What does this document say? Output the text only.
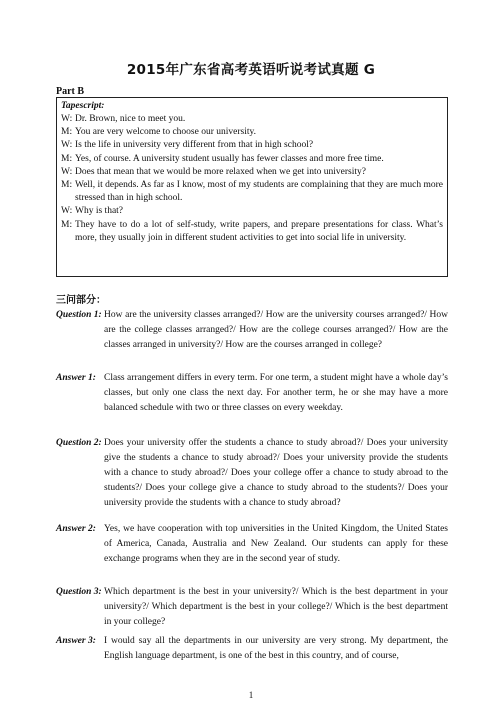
2015年广东省高考英语听说考试真题 G
Part B
Tapescript:
W: Dr. Brown, nice to meet you.
M: You are very welcome to choose our university.
W: Is the life in university very different from that in high school?
M: Yes, of course. A university student usually has fewer classes and more free time.
W: Does that mean that we would be more relaxed when we get into university?
M: Well, it depends. As far as I know, most of my students are complaining that they are much more stressed than in high school.
W: Why is that?
M: They have to do a lot of self-study, write papers, and prepare presentations for class. What’s more, they usually join in different student activities to get into social life in university.
三问部分：
Question 1: How are the university classes arranged?/ How are the university courses arranged?/ How are the college classes arranged?/ How are the college courses arranged?/ How are the classes arranged in university?/ How are the courses arranged in college?
Answer 1: Class arrangement differs in every term. For one term, a student might have a whole day’s classes, but only one class the next day. For another term, he or she may have a more balanced schedule with two or three classes on every weekday.
Question 2: Does your university offer the students a chance to study abroad?/ Does your university give the students a chance to study abroad?/ Does your university provide the students with a chance to study abroad?/ Does your college offer a chance to study abroad to the students?/ Does your college give a chance to study abroad to the students?/ Does your university provide the students with a chance to study abroad?
Answer 2: Yes, we have cooperation with top universities in the United Kingdom, the United States of America, Canada, Australia and New Zealand. Our students can apply for these exchange programs when they are in the second year of study.
Question 3: Which department is the best in your university?/ Which is the best department in your university?/ Which department is the best in your college?/ Which is the best department in your college?
Answer 3: I would say all the departments in our university are very strong. My department, the English language department, is one of the best in this country, and of course,
1
